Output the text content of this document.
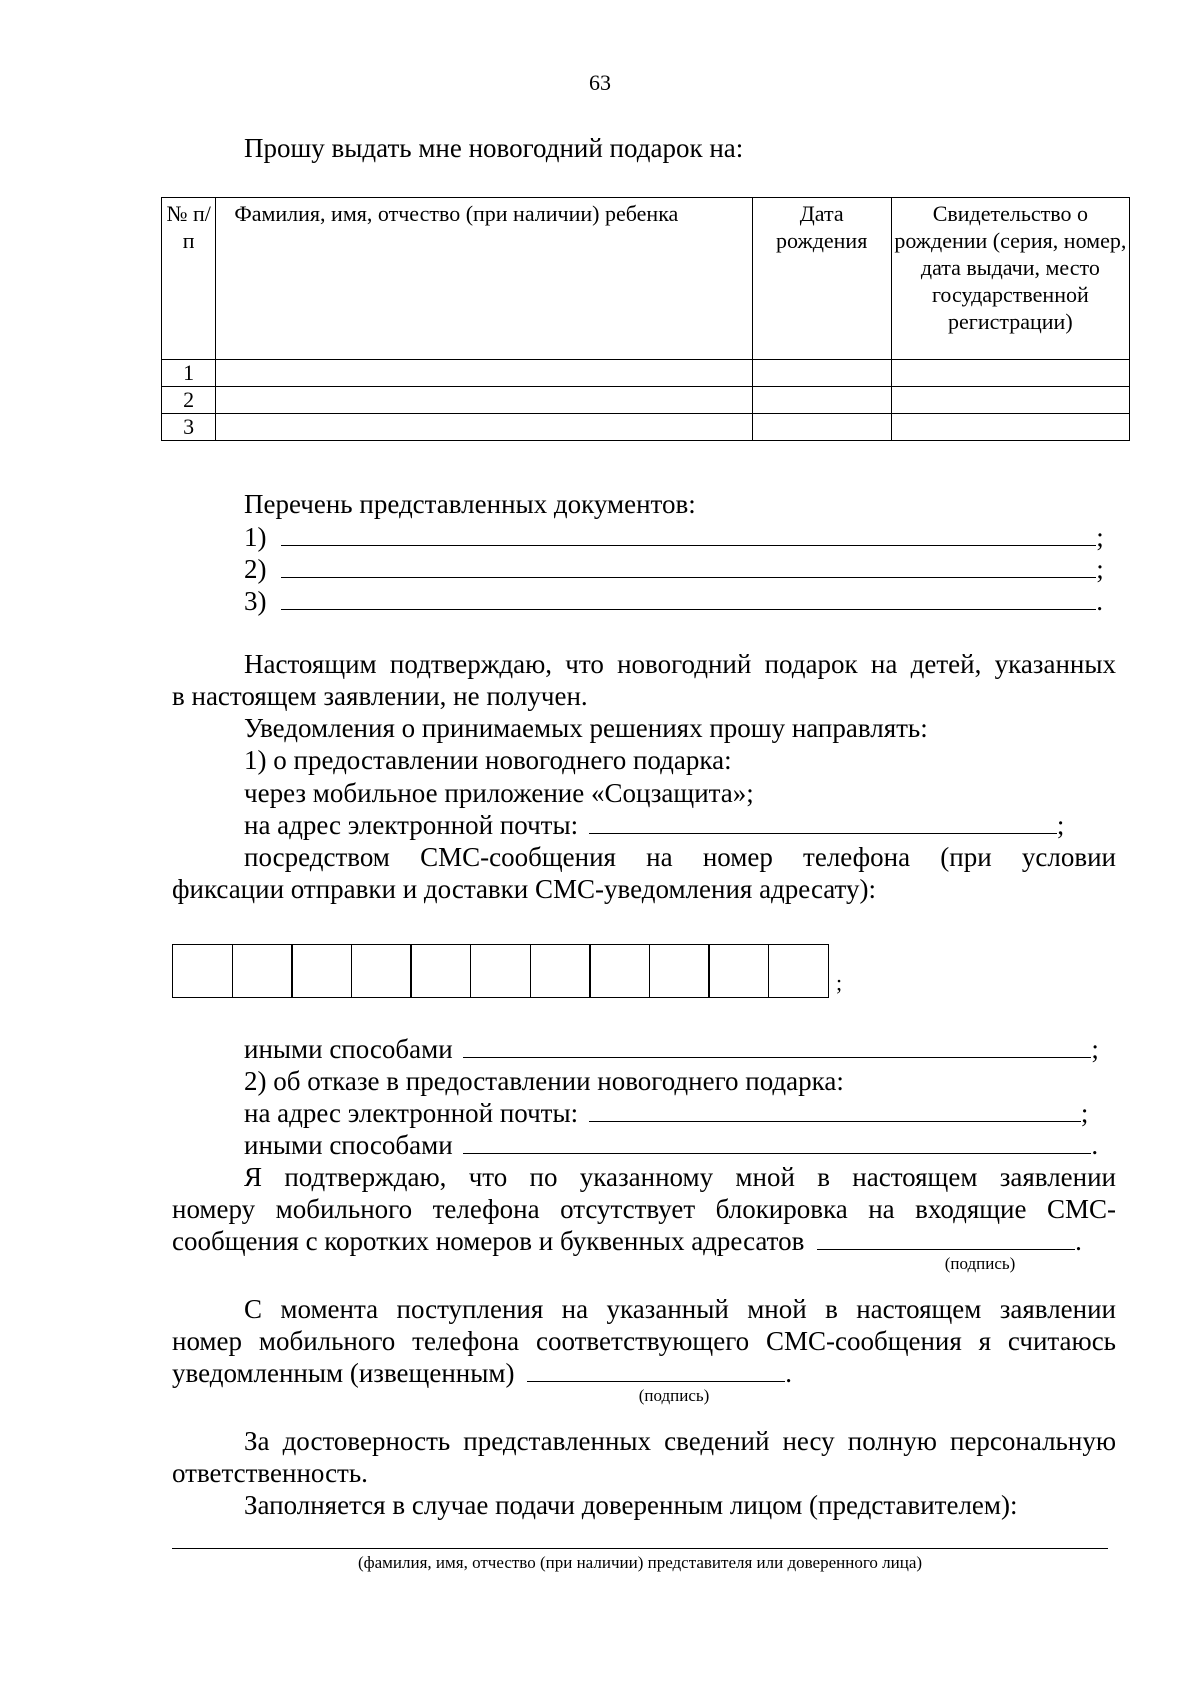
63
Прошу выдать мне новогодний подарок на:
№ п/п	Фамилия, имя, отчество (при наличии) ребенка	Дата рождения	Свидетельство о рождении (серия, номер, дата выдачи, место государственной регистрации)
1			
2			
3			
Перечень представленных документов:
1)	;
2)	;
3)	.
Настоящим подтверждаю, что новогодний подарок на детей, указанных
в настоящем заявлении, не получен.
Уведомления о принимаемых решениях прошу направлять:
1) о предоставлении новогоднего подарка:
через мобильное приложение «Соцзащита»;
на адрес электронной почты:	;
посредством СМС-сообщения на номер телефона (при условии
фиксации отправки и доставки СМС-уведомления адресату):
;
иными способами	;
2) об отказе в предоставлении новогоднего подарка:
на адрес электронной почты:	;
иными способами	.
Я подтверждаю, что по указанному мной в настоящем заявлении
номеру мобильного телефона отсутствует блокировка на входящие СМС-
сообщения с коротких номеров и буквенных адресатов	.
(подпись)
С момента поступления на указанный мной в настоящем заявлении
номер мобильного телефона соответствующего СМС-сообщения я считаюсь
уведомленным (извещенным)	.
(подпись)
За достоверность представленных сведений несу полную персональную
ответственность.
Заполняется в случае подачи доверенным лицом (представителем):
(фамилия, имя, отчество (при наличии) представителя или доверенного лица)
